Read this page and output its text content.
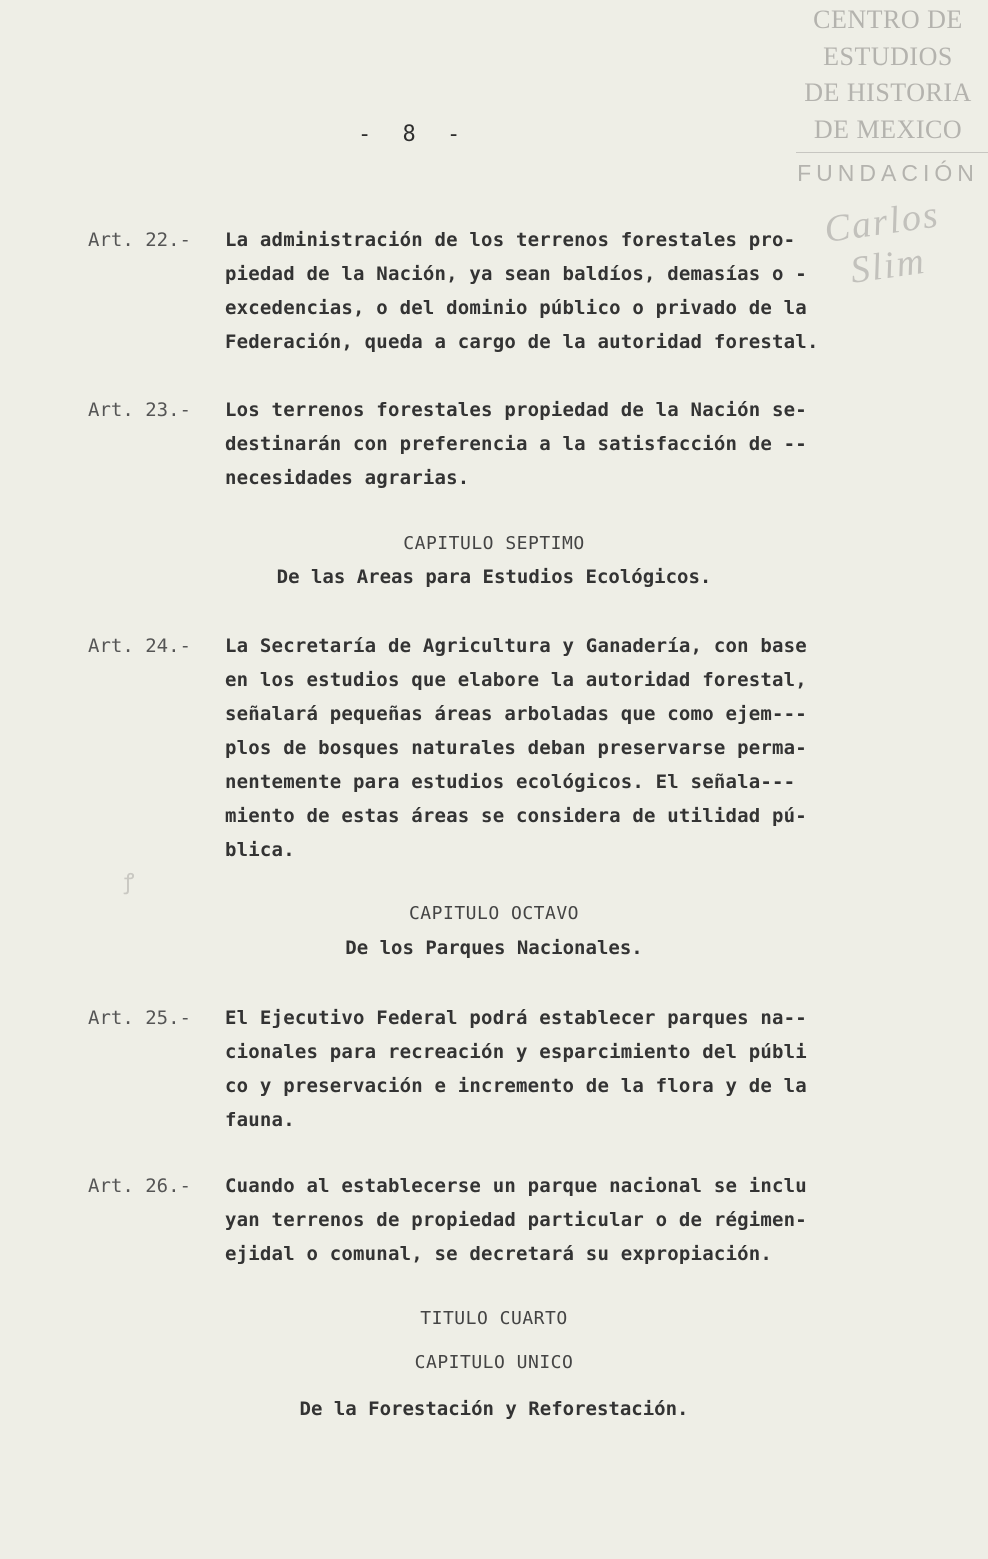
CENTRO DE
ESTUDIOS
DE HISTORIA
DE MEXICO
FUNDACIÓN
Carlos Slim
- 8 -
Art. 22.-	La administración de los terrenos forestales pro-
piedad de la Nación, ya sean baldíos, demasías o -
excedencias, o del dominio público o privado de la
Federación, queda a cargo de la autoridad forestal.
Art. 23.-	Los terrenos forestales propiedad de la Nación se-
destinarán con preferencia a la satisfacción de --
necesidades agrarias.
CAPITULO SEPTIMO
De las Areas para Estudios Ecológicos.
Art. 24.-	La Secretaría de Agricultura y Ganadería, con base
en los estudios que elabore la autoridad forestal,
señalará pequeñas áreas arboladas que como ejem---
plos de bosques naturales deban preservarse perma-
nentemente para estudios ecológicos. El señala---
miento de estas áreas se considera de utilidad pú-
blica.
ꝭ
CAPITULO OCTAVO
De los Parques Nacionales.
Art. 25.-	El Ejecutivo Federal podrá establecer parques na--
cionales para recreación y esparcimiento del públi
co y preservación e incremento de la flora y de la
fauna.
Art. 26.-	Cuando al establecerse un parque nacional se inclu
yan terrenos de propiedad particular o de régimen-
ejidal o comunal, se decretará su expropiación.
TITULO CUARTO
CAPITULO UNICO
De la Forestación y Reforestación.
